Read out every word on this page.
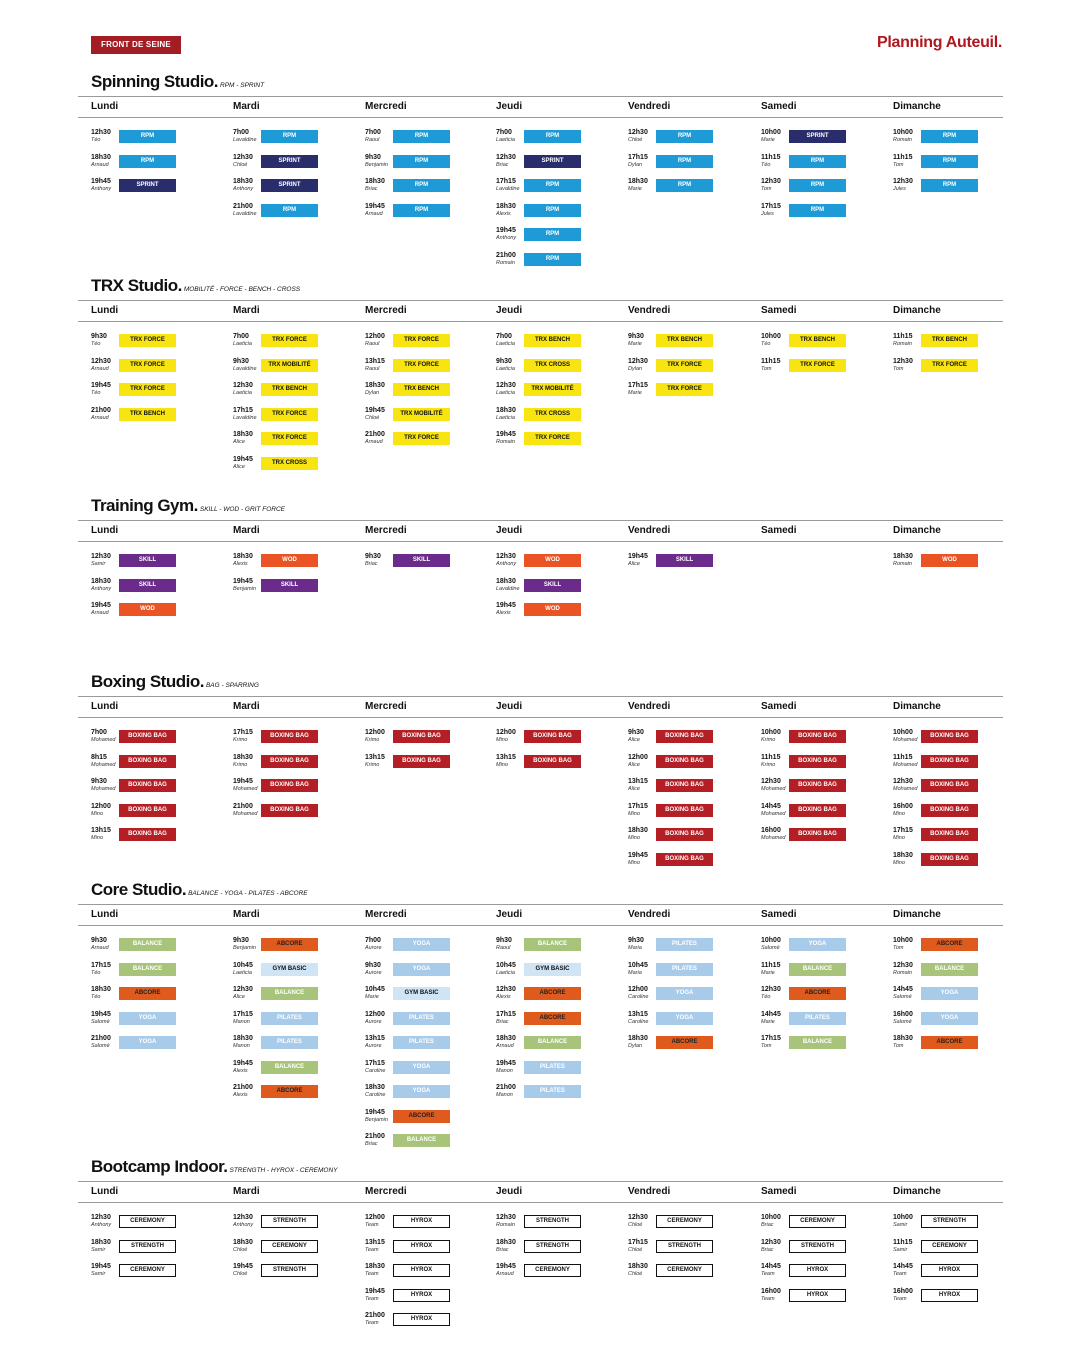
FRONT DE SEINE	Planning Auteuil.
Spinning Studio. RPM - SPRINT
Lundi
12h30
Téo
RPM
18h30
Arnaud
RPM
19h45
Anthony
SPRINT
Mardi
7h00
Lavaldine
RPM
12h30
Chloé
SPRINT
18h30
Anthony
SPRINT
21h00
Lavaldine
RPM
Mercredi
7h00
Raoul
RPM
9h30
Benjamin
RPM
18h30
Briac
RPM
19h45
Arnaud
RPM
Jeudi
7h00
Laeticia
RPM
12h30
Briac
SPRINT
17h15
Lavaldine
RPM
18h30
Alexis
RPM
19h45
Anthony
RPM
21h00
Romain
RPM
Vendredi
12h30
Chloé
RPM
17h15
Dylan
RPM
18h30
Marie
RPM
Samedi
10h00
Marie
SPRINT
11h15
Téo
RPM
12h30
Tom
RPM
17h15
Jules
RPM
Dimanche
10h00
Romain
RPM
11h15
Tom
RPM
12h30
Jules
RPM
TRX Studio. MOBILITÉ - FORCE - BENCH - CROSS
Lundi
9h30
Téo
TRX FORCE
12h30
Arnaud
TRX FORCE
19h45
Téo
TRX FORCE
21h00
Arnaud
TRX BENCH
Mardi
7h00
Laeticia
TRX FORCE
9h30
Lavaldine
TRX MOBILITÉ
12h30
Laeticia
TRX BENCH
17h15
Lavaldine
TRX FORCE
18h30
Alice
TRX FORCE
19h45
Alice
TRX CROSS
Mercredi
12h00
Raoul
TRX FORCE
13h15
Raoul
TRX FORCE
18h30
Dylan
TRX BENCH
19h45
Chloé
TRX MOBILITÉ
21h00
Arnaud
TRX FORCE
Jeudi
7h00
Laeticia
TRX BENCH
9h30
Laeticia
TRX CROSS
12h30
Laeticia
TRX MOBILITÉ
18h30
Laeticia
TRX CROSS
19h45
Romain
TRX FORCE
Vendredi
9h30
Marie
TRX BENCH
12h30
Dylan
TRX FORCE
17h15
Marie
TRX FORCE
Samedi
10h00
Téo
TRX BENCH
11h15
Tom
TRX FORCE
Dimanche
11h15
Romain
TRX BENCH
12h30
Tom
TRX FORCE
Training Gym. SKILL - WOD - GRIT FORCE
Lundi
12h30
Samir
SKILL
18h30
Anthony
SKILL
19h45
Arnaud
WOD
Mardi
18h30
Alexis
WOD
19h45
Benjamin
SKILL
Mercredi
9h30
Briac
SKILL
Jeudi
12h30
Anthony
WOD
18h30
Lavaldine
SKILL
19h45
Alexis
WOD
Vendredi
19h45
Alice
SKILL
Samedi	Dimanche
18h30
Romain
WOD
Boxing Studio. BAG - SPARRING
Lundi
7h00
Mohamed
BOXING BAG
8h15
Mohamed
BOXING BAG
9h30
Mohamed
BOXING BAG
12h00
Mino
BOXING BAG
13h15
Mino
BOXING BAG
Mardi
17h15
Krimo
BOXING BAG
18h30
Krimo
BOXING BAG
19h45
Mohamed
BOXING BAG
21h00
Mohamed
BOXING BAG
Mercredi
12h00
Krimo
BOXING BAG
13h15
Krimo
BOXING BAG
Jeudi
12h00
Mino
BOXING BAG
13h15
Mino
BOXING BAG
Vendredi
9h30
Alice
BOXING BAG
12h00
Alice
BOXING BAG
13h15
Alice
BOXING BAG
17h15
Mino
BOXING BAG
18h30
Mino
BOXING BAG
19h45
Mino
BOXING BAG
Samedi
10h00
Krimo
BOXING BAG
11h15
Krimo
BOXING BAG
12h30
Mohamed
BOXING BAG
14h45
Mohamed
BOXING BAG
16h00
Mohamed
BOXING BAG
Dimanche
10h00
Mohamed
BOXING BAG
11h15
Mohamed
BOXING BAG
12h30
Mohamed
BOXING BAG
16h00
Mino
BOXING BAG
17h15
Mino
BOXING BAG
18h30
Mino
BOXING BAG
Core Studio. BALANCE - YOGA - PILATES - ABCORE
Lundi
9h30
Arnaud
BALANCE
17h15
Téo
BALANCE
18h30
Téo
ABCORE
19h45
Salomé
YOGA
21h00
Salomé
YOGA
Mardi
9h30
Benjamin
ABCORE
10h45
Laeticia
GYM BASIC
12h30
Alice
BALANCE
17h15
Manon
PILATES
18h30
Manon
PILATES
19h45
Alexis
BALANCE
21h00
Alexis
ABCORE
Mercredi
7h00
Aurore
YOGA
9h30
Aurore
YOGA
10h45
Marie
GYM BASIC
12h00
Aurore
PILATES
13h15
Aurore
PILATES
17h15
Caroline
YOGA
18h30
Caroline
YOGA
19h45
Benjamin
ABCORE
21h00
Briac
BALANCE
Jeudi
9h30
Raoul
BALANCE
10h45
Laeticia
GYM BASIC
12h30
Alexis
ABCORE
17h15
Briac
ABCORE
18h30
Arnaud
BALANCE
19h45
Manon
PILATES
21h00
Manon
PILATES
Vendredi
9h30
Maria
PILATES
10h45
Maria
PILATES
12h00
Caroline
YOGA
13h15
Caroline
YOGA
18h30
Dylan
ABCORE
Samedi
10h00
Salomé
YOGA
11h15
Marie
BALANCE
12h30
Téo
ABCORE
14h45
Marie
PILATES
17h15
Tom
BALANCE
Dimanche
10h00
Tom
ABCORE
12h30
Romain
BALANCE
14h45
Salomé
YOGA
16h00
Salomé
YOGA
18h30
Tom
ABCORE
Bootcamp Indoor. STRENGTH - HYROX - CEREMONY
Lundi
12h30
Anthony
CEREMONY
18h30
Samir
STRENGTH
19h45
Samir
CEREMONY
Mardi
12h30
Anthony
STRENGTH
18h30
Chloé
CEREMONY
19h45
Chloé
STRENGTH
Mercredi
12h00
Team
HYROX
13h15
Team
HYROX
18h30
Team
HYROX
19h45
Team
HYROX
21h00
Team
HYROX
Jeudi
12h30
Romain
STRENGTH
18h30
Briac
STRENGTH
19h45
Arnaud
CEREMONY
Vendredi
12h30
Chloé
CEREMONY
17h15
Chloé
STRENGTH
18h30
Chloé
CEREMONY
Samedi
10h00
Briac
CEREMONY
12h30
Briac
STRENGTH
14h45
Team
HYROX
16h00
Team
HYROX
Dimanche
10h00
Samir
STRENGTH
11h15
Samir
CEREMONY
14h45
Team
HYROX
16h00
Team
HYROX
